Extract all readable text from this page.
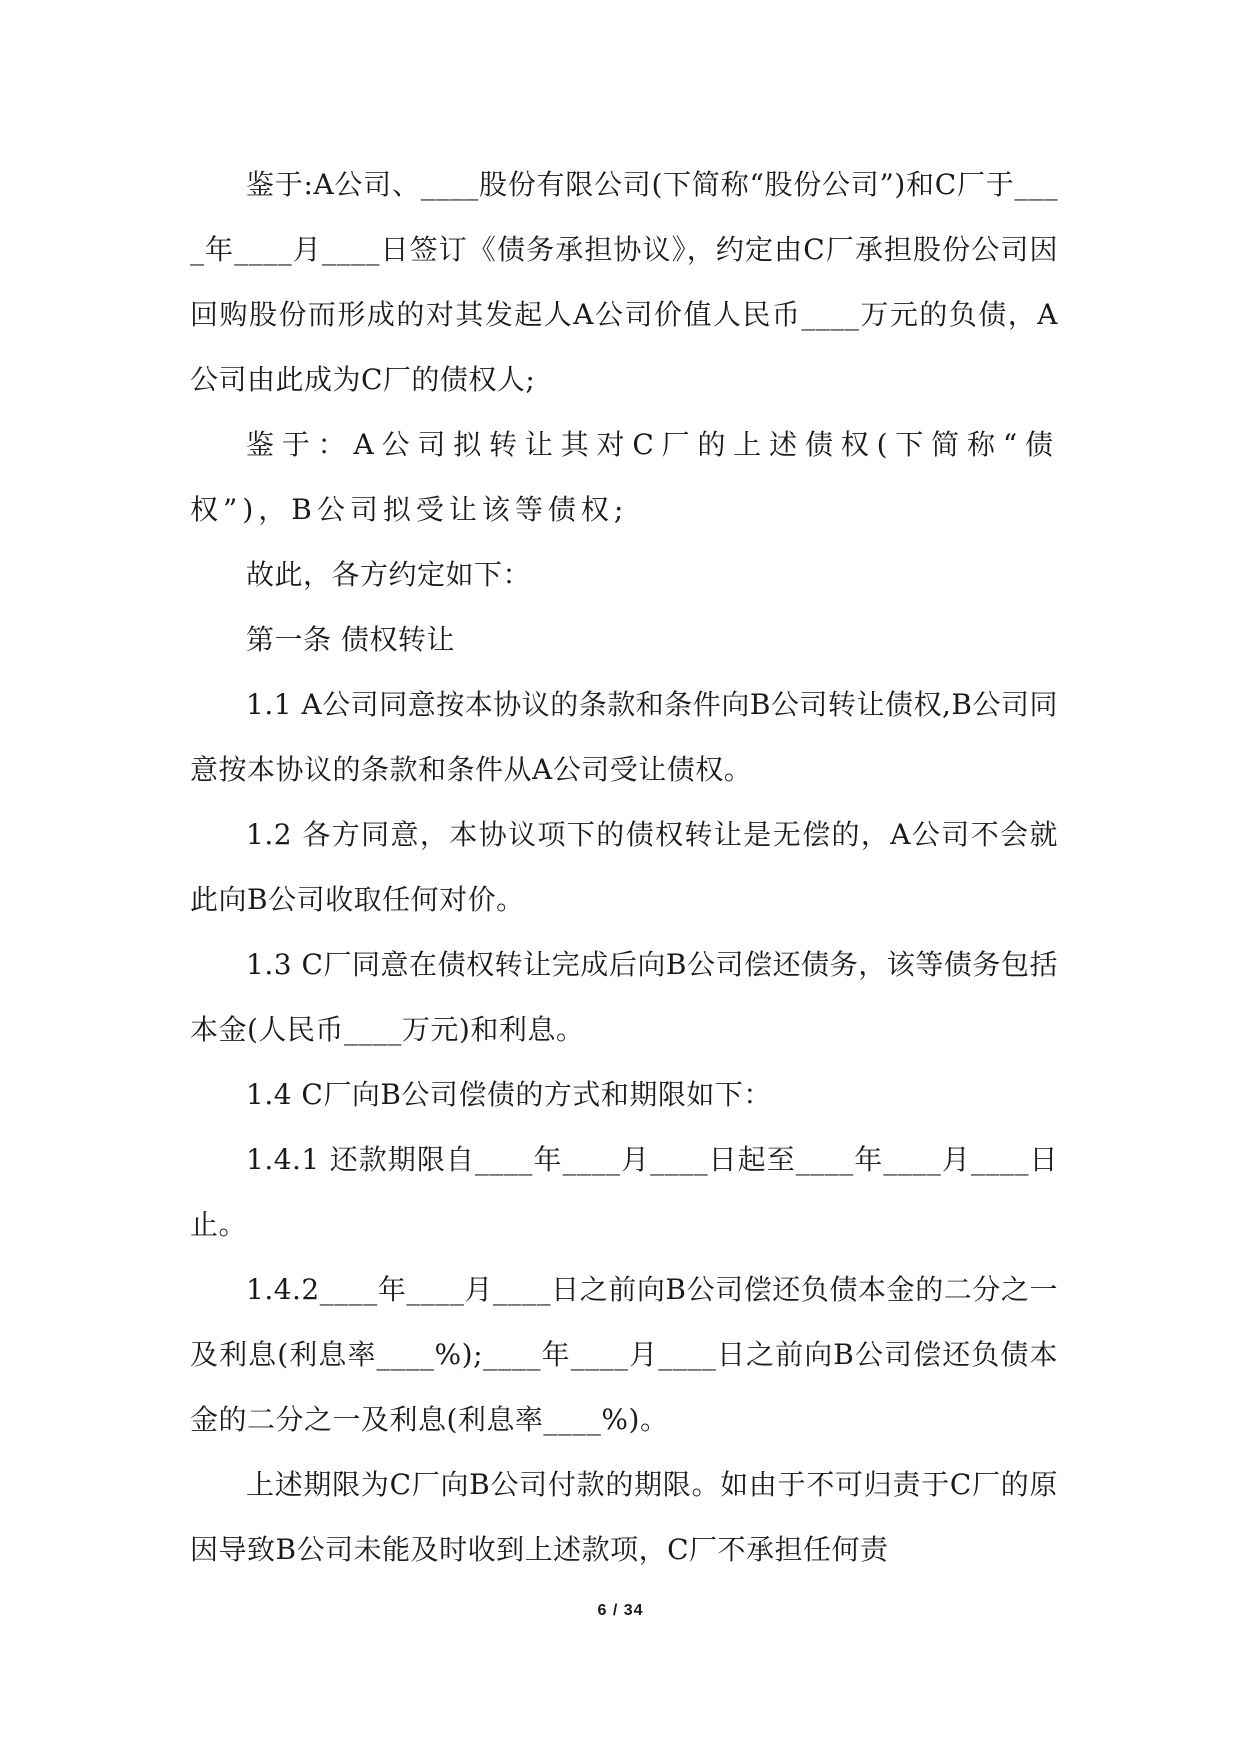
鉴于:A公司、____股份有限公司(下简称“股份公司”)和C厂于____年____月____日签订《债务承担协议》，约定由C厂承担股份公司因回购股份而形成的对其发起人A公司价值人民币____万元的负债，A公司由此成为C厂的债权人;

鉴于：A公司拟转让其对C厂的上述债权(下简称“债权”)，B公司拟受让该等债权;

故此，各方约定如下：

第一条 债权转让

1.1 A公司同意按本协议的条款和条件向B公司转让债权,B公司同意按本协议的条款和条件从A公司受让债权。

1.2 各方同意，本协议项下的债权转让是无偿的，A公司不会就此向B公司收取任何对价。

1.3 C厂同意在债权转让完成后向B公司偿还债务，该等债务包括本金(人民币____万元)和利息。

1.4 C厂向B公司偿债的方式和期限如下：

1.4.1 还款期限自____年____月____日起至____年____月____日止。

1.4.2____年____月____日之前向B公司偿还负债本金的二分之一及利息(利息率____%);____年____月____日之前向B公司偿还负债本金的二分之一及利息(利息率____%)。

上述期限为C厂向B公司付款的期限。如由于不可归责于C厂的原因导致B公司未能及时收到上述款项，C厂不承担任何责

6 / 34
